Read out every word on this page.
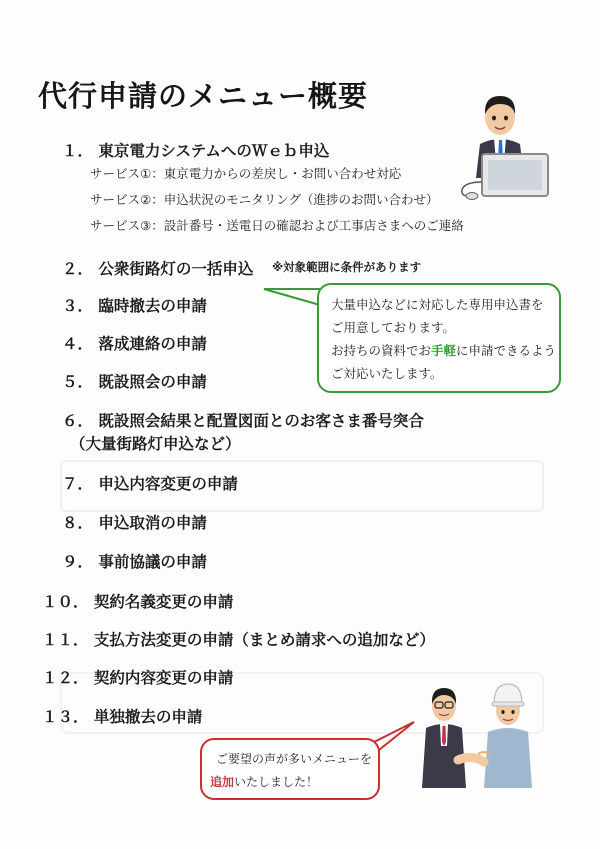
代行申請のメニュー概要
１． 東京電力システムへのＷｅｂ申込
サービス①：東京電力からの差戻し・お問い合わせ対応
サービス②：申込状況のモニタリング（進捗のお問い合わせ）
サービス③：設計番号・送電日の確認および工事店さまへのご連絡
２． 公衆街路灯の一括申込 ※対象範囲に条件があります
３． 臨時撤去の申請
４． 落成連絡の申請
５． 既設照会の申請
大量申込などに対応した専用申込書を
ご用意しております。
お持ちの資料でお手軽に申請できるよう
ご対応いたします。
６． 既設照会結果と配置図面とのお客さま番号突合
（大量街路灯申込など）
７． 申込内容変更の申請
８． 申込取消の申請
９． 事前協議の申請
１０． 契約名義変更の申請
１１． 支払方法変更の申請（まとめ請求への追加など）
１２． 契約内容変更の申請
１３． 単独撤去の申請
ご要望の声が多いメニューを
追加いたしました！
